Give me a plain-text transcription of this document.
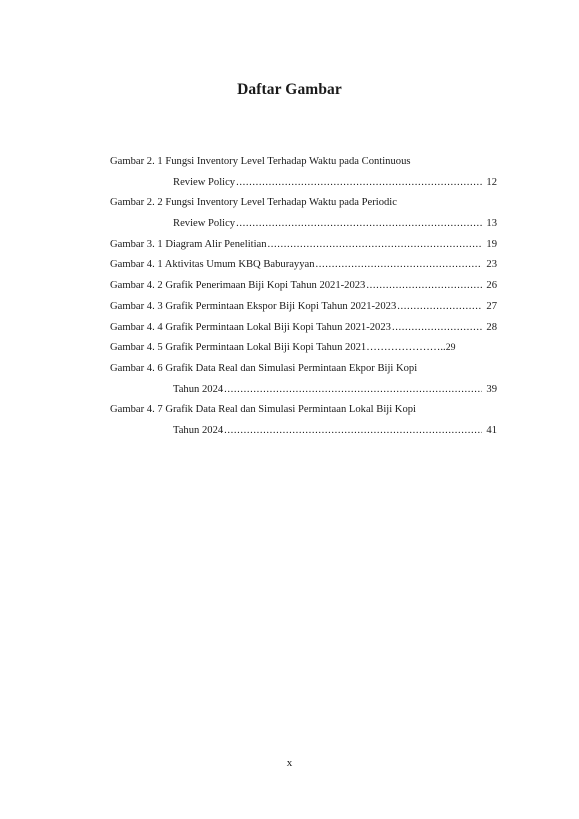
Daftar Gambar
Gambar 2. 1 Fungsi Inventory Level Terhadap Waktu pada Continuous
Review Policy .....	12
Gambar 2. 2 Fungsi Inventory Level Terhadap Waktu pada Periodic
Review Policy .....	13
Gambar 3. 1 Diagram Alir Penelitian .....	19
Gambar 4. 1 Aktivitas Umum KBQ Baburayyan .....	23
Gambar 4. 2 Grafik Penerimaan Biji Kopi Tahun 2021-2023 .....	26
Gambar 4. 3 Grafik Permintaan Ekspor Biji Kopi Tahun 2021-2023 .....	27
Gambar 4. 4 Grafik Permintaan Lokal Biji Kopi Tahun 2021-2023 .....	28
Gambar 4. 5 Grafik Permintaan Lokal Biji Kopi Tahun 2021…………………..29
Gambar 4. 6 Grafik Data Real dan Simulasi Permintaan Ekpor Biji Kopi
Tahun 2024 .....	39
Gambar 4. 7 Grafik Data Real dan Simulasi Permintaan Lokal Biji Kopi
Tahun 2024 .....	41
x
